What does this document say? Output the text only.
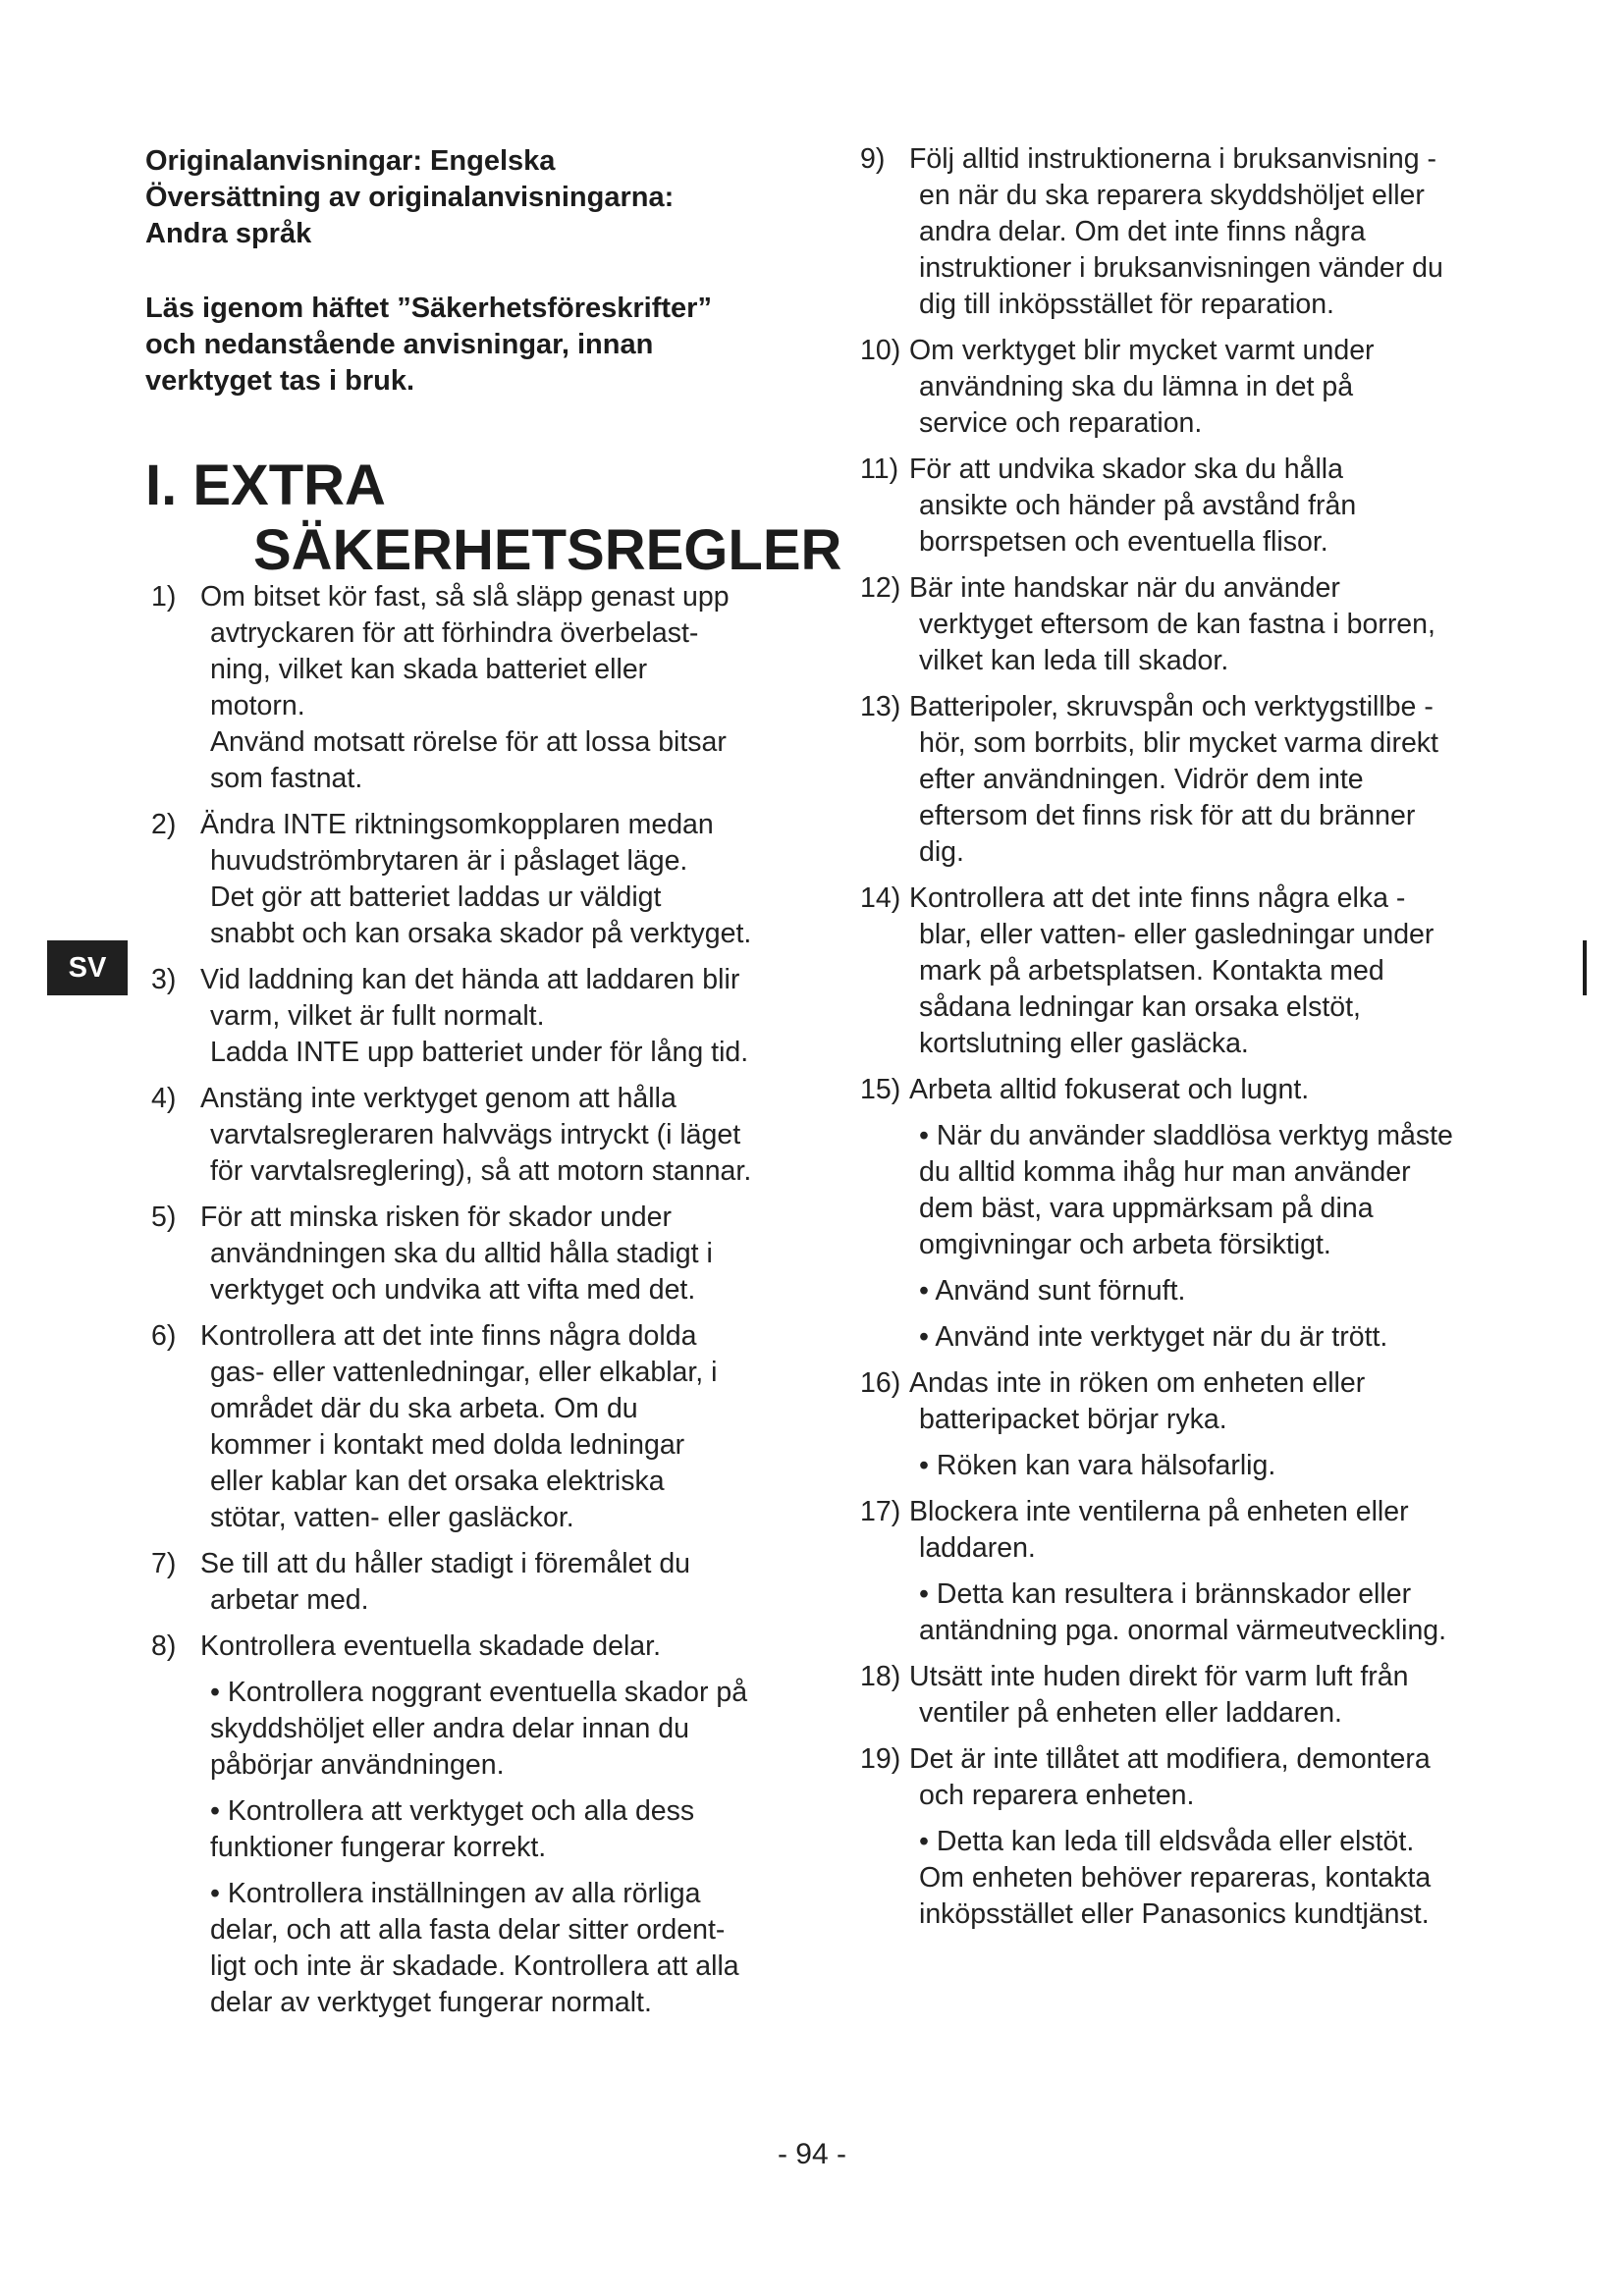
Originalanvisningar: Engelska
Översättning av originalanvisningarna:
Andra språk
Läs igenom häftet ”Säkerhetsföreskrifter”
och nedanstående anvisningar, innan
verktyget tas i bruk.
I. EXTRA
SÄKERHETSREGLER
1) Om bitset kör fast, så slå släpp genast upp
avtryckaren för att förhindra överbelast-
ning, vilket kan skada batteriet eller
motorn.
Använd motsatt rörelse för att lossa bitsar
som fastnat.
2) Ändra INTE riktningsomkopplaren medan
huvudströmbrytaren är i påslaget läge.
Det gör att batteriet laddas ur väldigt
snabbt och kan orsaka skador på verktyget.
3) Vid laddning kan det hända att laddaren blir
varm, vilket är fullt normalt.
Ladda INTE upp batteriet under för lång tid.
4) Anstäng inte verktyget genom att hålla
varvtalsregleraren halvvägs intryckt (i läget
för varvtalsreglering), så att motorn stannar.
5) För att minska risken för skador under
användningen ska du alltid hålla stadigt i
verktyget och undvika att vifta med det.
6) Kontrollera att det inte finns några dolda
gas- eller vattenledningar, eller elkablar, i
området där du ska arbeta. Om du
kommer i kontakt med dolda ledningar
eller kablar kan det orsaka elektriska
stötar, vatten- eller gasläckor.
7) Se till att du håller stadigt i föremålet du
arbetar med.
8) Kontrollera eventuella skadade delar.
• Kontrollera noggrant eventuella skador på
skyddshöljet eller andra delar innan du
påbörjar användningen.
• Kontrollera att verktyget och alla dess
funktioner fungerar korrekt.
• Kontrollera inställningen av alla rörliga
delar, och att alla fasta delar sitter ordent-
ligt och inte är skadade. Kontrollera att alla
delar av verktyget fungerar normalt.
9) Följ alltid instruktionerna i bruksanvisning -
en när du ska reparera skyddshöljet eller
andra delar. Om det inte finns några
instruktioner i bruksanvisningen vänder du
dig till inköpsstället för reparation.
10) Om verktyget blir mycket varmt under
användning ska du lämna in det på
service och reparation.
11) För att undvika skador ska du hålla
ansikte och händer på avstånd från
borrspetsen och eventuella flisor.
12) Bär inte handskar när du använder
verktyget eftersom de kan fastna i borren,
vilket kan leda till skador.
13) Batteripoler, skruvspån och verktygstillbe -
hör, som borrbits, blir mycket varma direkt
efter användningen. Vidrör dem inte
eftersom det finns risk för att du bränner
dig.
14) Kontrollera att det inte finns några elka -
blar, eller vatten- eller gasledningar under
mark på arbetsplatsen. Kontakta med
sådana ledningar kan orsaka elstöt,
kortslutning eller gasläcka.
15) Arbeta alltid fokuserat och lugnt.
• När du använder sladdlösa verktyg måste
du alltid komma ihåg hur man använder
dem bäst, vara uppmärksam på dina
omgivningar och arbeta försiktigt.
• Använd sunt förnuft.
• Använd inte verktyget när du är trött.
16) Andas inte in röken om enheten eller
batteripacket börjar ryka.
• Röken kan vara hälsofarlig.
17) Blockera inte ventilerna på enheten eller
laddaren.
• Detta kan resultera i brännskador eller
antändning pga. onormal värmeutveckling.
18) Utsätt inte huden direkt för varm luft från
ventiler på enheten eller laddaren.
19) Det är inte tillåtet att modifiera, demontera
och reparera enheten.
• Detta kan leda till eldsvåda eller elstöt.
Om enheten behöver repareras, kontakta
inköpsstället eller Panasonics kundtjänst.
SV
- 94 -
